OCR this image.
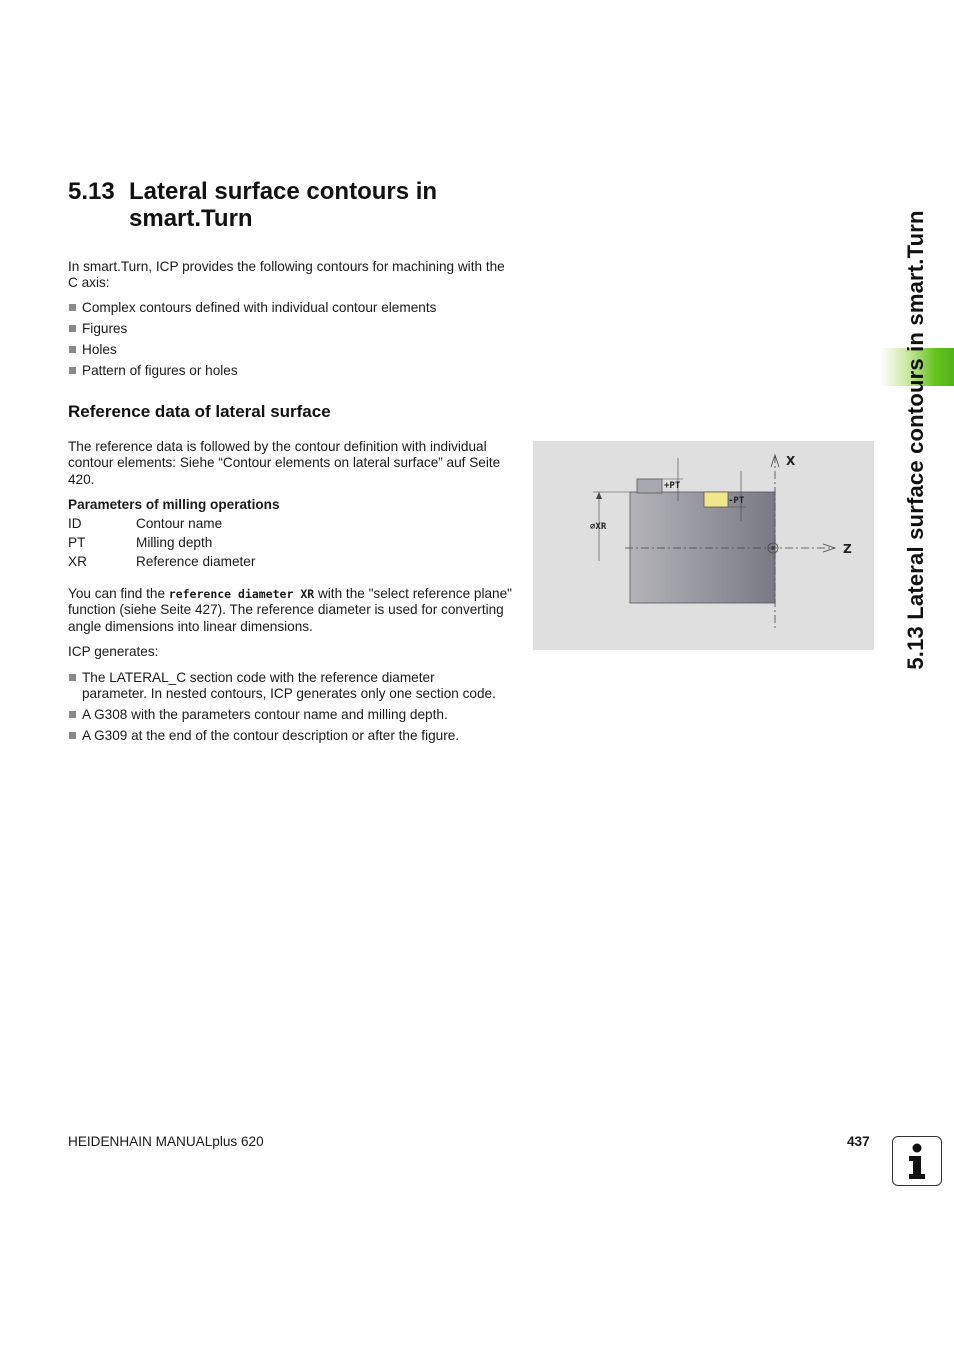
5.13 Lateral surface contours in
smart.Turn
In smart.Turn, ICP provides the following contours for machining with the C axis:
Complex contours defined with individual contour elements
Figures
Holes
Pattern of figures or holes
Reference data of lateral surface
The reference data is followed by the contour definition with individual contour elements: Siehe “Contour elements on lateral surface” auf Seite 420.
Parameters of milling operations
ID	Contour name
PT	Milling depth
XR	Reference diameter
You can find the reference diameter XR with the "select reference plane" function (siehe Seite 427). The reference diameter is used for converting angle dimensions into linear dimensions.
ICP generates:
The LATERAL_C section code with the reference diameter parameter. In nested contours, ICP generates only one section code.
A G308 with the parameters contour name and milling depth.
A G309 at the end of the contour description or after the figure.
5.13 Lateral surface contours in smart.Turn
X
Z
+PT
-PT
⌀XR
HEIDENHAIN MANUALplus 620	437
